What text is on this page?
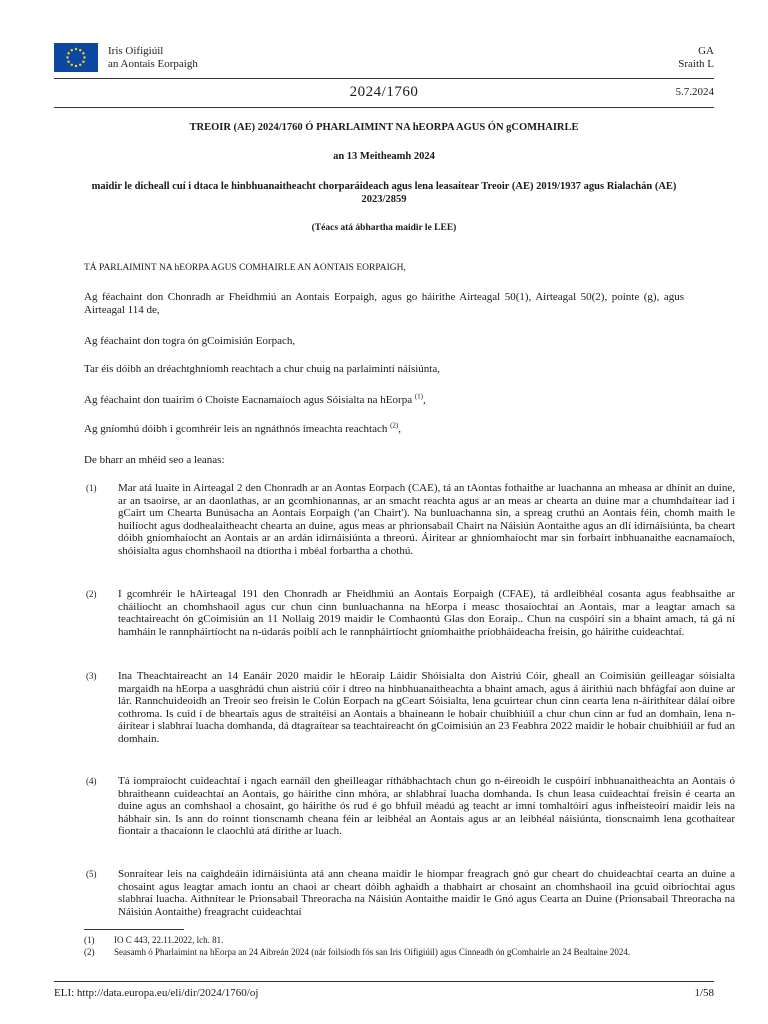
Iris Oifigiúil
an Aontais Eorpaigh
GA
Sraith L
2024/1760	5.7.2024
TREOIR (AE) 2024/1760 Ó PHARLAIMINT NA hEORPA AGUS ÓN gCOMHAIRLE
an 13 Meitheamh 2024
maidir le dícheall cuí i dtaca le hinbhuanaitheacht chorparáideach agus lena leasaítear Treoir (AE) 2019/1937 agus Rialachán (AE) 2023/2859
(Téacs atá ábhartha maidir le LEE)
TÁ PARLAIMINT NA hEORPA AGUS COMHAIRLE AN AONTAIS EORPAIGH,
Ag féachaint don Chonradh ar Fheidhmiú an Aontais Eorpaigh, agus go háirithe Airteagal 50(1), Airteagal 50(2), pointe (g), agus Airteagal 114 de,
Ag féachaint don togra ón gCoimisiún Eorpach,
Tar éis dóibh an dréachtghníomh reachtach a chur chuig na parlaimintí náisiúnta,
Ag féachaint don tuairim ó Choiste Eacnamaíoch agus Sóisialta na hEorpa $^{(1)}$,
Ag gníomhú dóibh i gcomhréir leis an ngnáthnós imeachta reachtach $^{(2)}$,
De bharr an mhéid seo a leanas:
(1) Mar atá luaite in Airteagal 2 den Chonradh ar an Aontas Eorpach (CAE), tá an tAontas fothaithe ar luachanna an mheasa ar dhínit an duine, ar an tsaoirse, ar an daonlathas, ar an gcomhionannas, ar an smacht reachta agus ar an meas ar chearta an duine mar a chumhdaítear iad i gCairt um Chearta Bunúsacha an Aontais Eorpaigh ('an Chairt'). Na bunluachanna sin, a spreag cruthú an Aontais féin, chomh maith le huilíocht agus dodhealaitheacht chearta an duine, agus meas ar phrionsabail Chairt na Náisiún Aontaithe agus an dlí idirnáisiúnta, ba cheart dóibh gníomhaíocht an Aontais ar an ardán idirnáisiúnta a threorú. Áirítear ar ghníomhaíocht mar sin forbairt inbhuanaithe eacnamaíoch, shóisialta agus chomhshaoil na dtíortha i mbéal forbartha a chothú.
(2) I gcomhréir le hAirteagal 191 den Chonradh ar Fheidhmiú an Aontais Eorpaigh (CFAE), tá ardleibhéal cosanta agus feabhsaithe ar cháilíocht an chomhshaoil agus cur chun cinn bunluachanna na hEorpa i measc thosaíochtaí an Aontais, mar a leagtar amach sa teachtaireacht ón gCoimisiún an 11 Nollaig 2019 maidir le Comhaontú Glas don Eoraip.. Chun na cuspóirí sin a bhaint amach, tá gá ní hamháin le rannpháirtíocht na n-údarás poiblí ach le rannpháirtíocht gníomhaithe príobháideacha freisin, go háirithe cuideachtaí.
(3) Ina Theachtaireacht an 14 Eanáir 2020 maidir le hEoraip Láidir Shóisialta don Aistriú Cóir, gheall an Coimisiún geilleagar sóisialta margaidh na hEorpa a uasghrádú chun aistriú cóir i dtreo na hinbhuanaitheachta a bhaint amach, agus á áirithiú nach bhfágfaí aon duine ar lár. Rannchuideoidh an Treoir seo freisin le Colún Eorpach na gCeart Sóisialta, lena gcuirtear chun cinn cearta lena n-áirithítear dálaí oibre cothroma. Is cuid í de bheartais agus de straitéisí an Aontais a bhaineann le hobair chuibhiúil a chur chun cinn ar fud an domhain, lena n-áirítear i slabhraí luacha domhanda, dá dtagraítear sa teachtaireacht ón gCoimisiún an 23 Feabhra 2022 maidir le hobair chuibhiúil ar fud an domhain.
(4) Tá iompraíocht cuideachtaí i ngach earnáil den gheilleagar ríthábhachtach chun go n-éireoidh le cuspóirí inbhuanaitheachta an Aontais ó bhraitheann cuideachtaí an Aontais, go háirithe cinn mhóra, ar shlabhraí luacha domhanda. Is chun leasa cuideachtaí freisin é cearta an duine agus an comhshaol a chosaint, go háirithe ós rud é go bhfuil méadú ag teacht ar imní tomhaltóirí agus infheisteoirí maidir leis na hábhair sin. Is ann do roinnt tionscnamh cheana féin ar leibhéal an Aontais agus ar an leibhéal náisiúnta, tionscnaimh lena gcothaítear fiontair a thacaíonn le claochlú atá dírithe ar luach.
(5) Sonraítear leis na caighdeáin idirnáisiúnta atá ann cheana maidir le hiompar freagrach gnó gur cheart do chuideachtaí cearta an duine a chosaint agus leagtar amach iontu an chaoi ar cheart dóibh aghaidh a thabhairt ar chosaint an chomhshaoil ina gcuid oibríochtaí agus slabhraí luacha. Aithnítear le Prionsabail Threoracha na Náisiún Aontaithe maidir le Gnó agus Cearta an Duine (Prionsabail Threoracha na Náisiún Aontaithe) freagracht cuideachtaí
(1) IO C 443, 22.11.2022, lch. 81.
(2) Seasamh ó Pharlaimint na hEorpa an 24 Aibreán 2024 (nár foilsíodh fós san Iris Oifigiúil) agus Cinneadh ón gComhairle an 24 Bealtaine 2024.
ELI: http://data.europa.eu/eli/dir/2024/1760/oj	1/58
